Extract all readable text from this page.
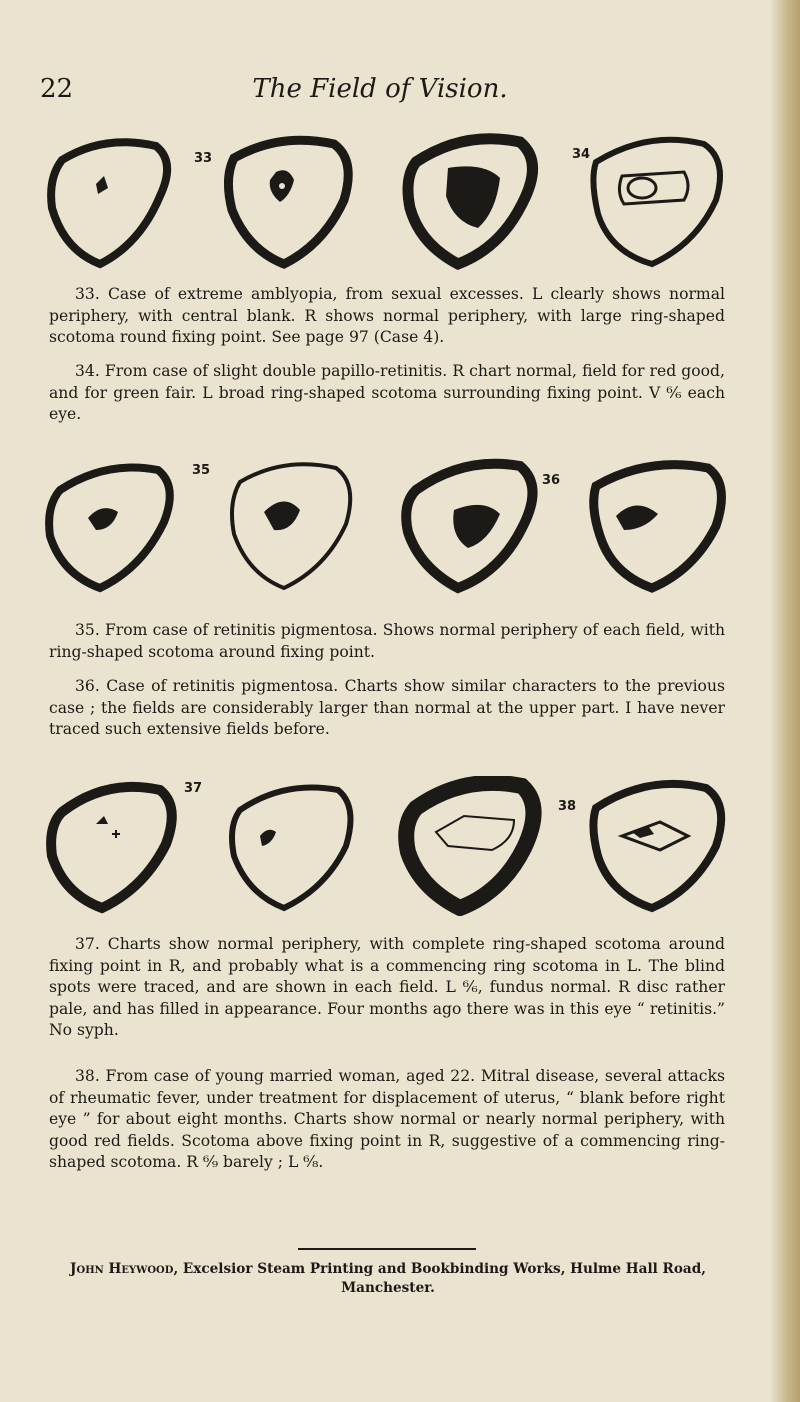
22	The Field of Vision.
33	34

33. Case of extreme amblyopia, from sexual excesses. L clearly shows normal periphery, with central blank. R shows normal periphery, with large ring-shaped scotoma round fixing point. See page 97 (Case 4).

34. From case of slight double papillo-retinitis. R chart normal, field for red good, and for green fair. L broad ring-shaped scotoma surrounding fixing point. V ⁶⁄₆ each eye.

35
36

35. From case of retinitis pigmentosa. Shows normal periphery of each field, with ring-shaped scotoma around fixing point.

36. Case of retinitis pigmentosa. Charts show similar characters to the previous case ; the fields are considerably larger than normal at the upper part. I have never traced such extensive fields before.

37
38

37. Charts show normal periphery, with complete ring-shaped scotoma around fixing point in R, and probably what is a commencing ring scotoma in L. The blind spots were traced, and are shown in each field. L ⁶⁄₆, fundus normal. R disc rather pale, and has filled in appearance. Four months ago there was in this eye “ retinitis.” No syph.

38. From case of young married woman, aged 22. Mitral disease, several attacks of rheumatic fever, under treatment for displacement of uterus, “ blank before right eye ” for about eight months. Charts show normal or nearly normal periphery, with good red fields. Scotoma above fixing point in R, suggestive of a commencing ring-shaped scotoma. R ⁶⁄₉ barely ; L ⁶⁄₈.

John Heywood, Excelsior Steam Printing and Bookbinding Works, Hulme Hall Road,
Manchester.
